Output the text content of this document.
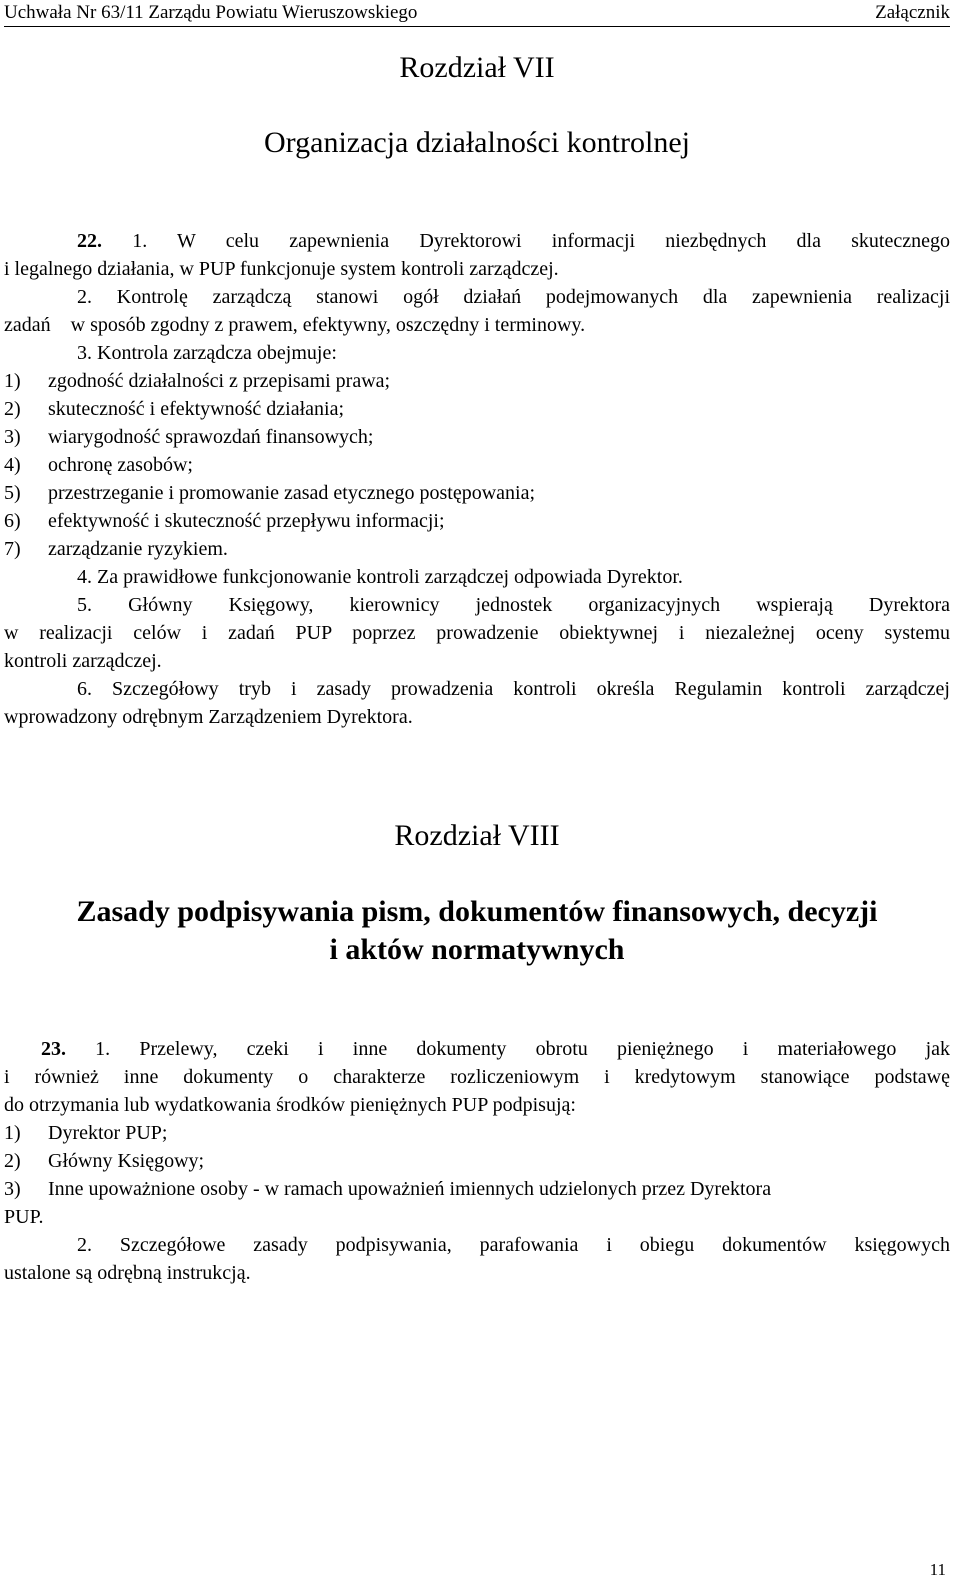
Uchwała Nr 63/11 Zarządu Powiatu Wieruszowskiego	Załącznik
Rozdział VII
Organizacja działalności kontrolnej
22. 1. W celu zapewnienia Dyrektorowi informacji niezbędnych dla skutecznego
i legalnego działania, w PUP funkcjonuje system kontroli zarządczej.
2. Kontrolę zarządczą stanowi ogół działań podejmowanych dla zapewnienia realizacji
zadań    w sposób zgodny z prawem, efektywny, oszczędny i terminowy.
3. Kontrola zarządcza obejmuje:
1) zgodność działalności z przepisami prawa;
2) skuteczność i efektywność działania;
3) wiarygodność sprawozdań finansowych;
4) ochronę zasobów;
5) przestrzeganie i promowanie zasad etycznego postępowania;
6) efektywność i skuteczność przepływu informacji;
7) zarządzanie ryzykiem.
4. Za prawidłowe funkcjonowanie kontroli zarządczej odpowiada Dyrektor.
5. Główny Księgowy, kierownicy jednostek organizacyjnych wspierają Dyrektora
w realizacji celów i zadań PUP poprzez prowadzenie obiektywnej i niezależnej oceny systemu
kontroli zarządczej.
6. Szczegółowy tryb i zasady prowadzenia kontroli określa Regulamin kontroli zarządczej
wprowadzony odrębnym Zarządzeniem Dyrektora.
Rozdział VIII
Zasady podpisywania pism, dokumentów finansowych, decyzji
i aktów normatywnych
23. 1. Przelewy, czeki i inne dokumenty obrotu pieniężnego i materiałowego jak
i również inne dokumenty o charakterze rozliczeniowym i kredytowym stanowiące podstawę
do otrzymania lub wydatkowania środków pieniężnych PUP podpisują:
1) Dyrektor PUP;
2) Główny Księgowy;
3) Inne upoważnione osoby - w ramach upoważnień imiennych udzielonych przez Dyrektora
PUP.
2. Szczegółowe zasady podpisywania, parafowania i obiegu dokumentów księgowych
ustalone są odrębną instrukcją.
11
